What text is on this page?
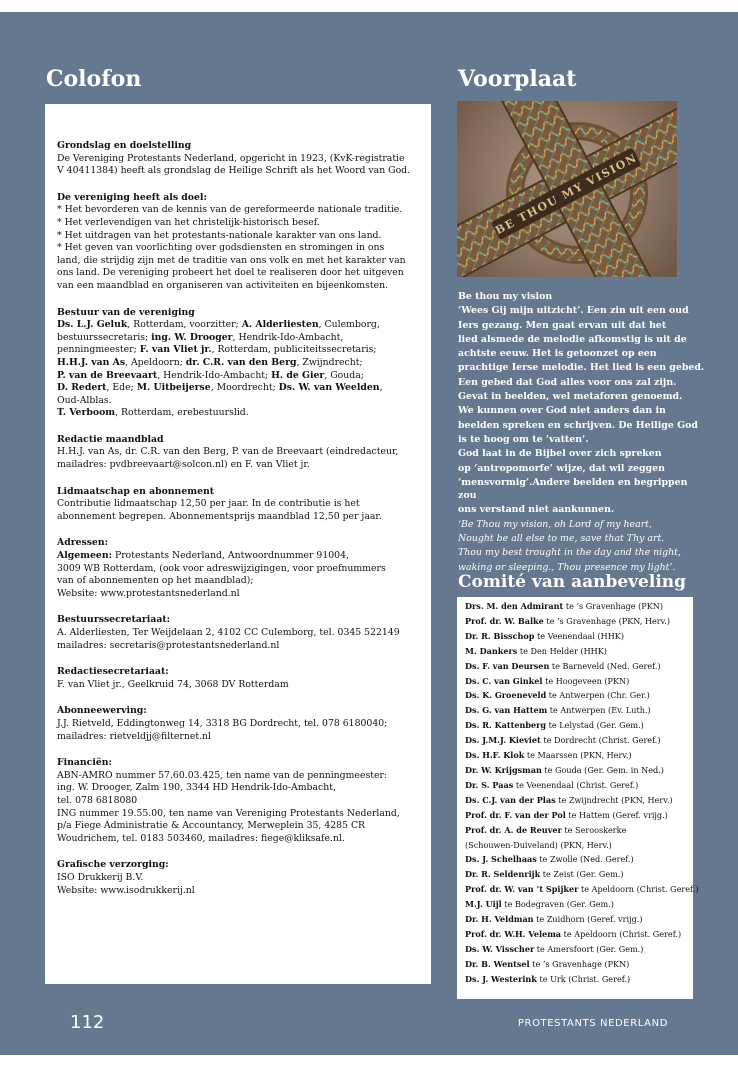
Colofon	Voorplaat
Grondslag en doelstelling
De Vereniging Protestants Nederland, opgericht in 1923, (KvK-registratie
V 40411384) heeft als grondslag de Heilige Schrift als het Woord van God.
De vereniging heeft als doel:
* Het bevorderen van de kennis van de gereformeerde nationale traditie.
* Het verlevendigen van het christelijk-historisch besef.
* Het uitdragen van het protestants-nationale karakter van ons land.
* Het geven van voorlichting over godsdiensten en stromingen in ons
land, die strijdig zijn met de traditie van ons volk en met het karakter van
ons land. De vereniging probeert het doel te realiseren door het uitgeven
van een maandblad en organiseren van activiteiten en bijeenkomsten.
Bestuur van de vereniging
Ds. L.J. Geluk, Rotterdam, voorzitter; A. Alderliesten, Culemborg,
bestuurssecretaris; ing. W. Drooger, Hendrik-Ido-Ambacht,
penningmeester; F. van Vliet jr., Rotterdam, publiciteitssecretaris;
H.H.J. van As, Apeldoorn; dr. C.R. van den Berg, Zwijndrecht;
P. van de Breevaart, Hendrik-Ido-Ambacht; H. de Gier, Gouda;
D. Redert, Ede; M. Uitbeijerse, Moordrecht; Ds. W. van Weelden,
Oud-Alblas.
T. Verboom, Rotterdam, erebestuurslid.
Redactie maandblad
H.H.J. van As, dr. C.R. van den Berg, P. van de Breevaart (eindredacteur,
mailadres: pvdbreevaart@solcon.nl) en F. van Vliet jr.
Lidmaatschap en abonnement
Contributie lidmaatschap 12,50 per jaar. In de contributie is het
abonnement begrepen. Abonnementsprijs maandblad 12,50 per jaar.
Adressen:
Algemeen: Protestants Nederland, Antwoordnummer 91004,
3009 WB Rotterdam, (ook voor adreswijzigingen, voor proefnummers
van of abonnementen op het maandblad);
Website: www.protestantsnederland.nl
Bestuurssecretariaat:
A. Alderliesten, Ter Weijdelaan 2, 4102 CC Culemborg, tel. 0345 522149
mailadres: secretaris@protestantsnederland.nl
Redactiesecretariaat:
F. van Vliet jr., Geelkruid 74, 3068 DV Rotterdam
Abonneewerving:
J.J. Rietveld, Eddingtonweg 14, 3318 BG Dordrecht, tel. 078 6180040;
mailadres: rietveldjj@filternet.nl
Financiën:
ABN-AMRO nummer 57.60.03.425, ten name van de penningmeester:
ing. W. Drooger, Zalm 190, 3344 HD Hendrik-Ido-Ambacht,
tel. 078 6818080
ING nummer 19.55.00, ten name van Vereniging Protestants Nederland,
p/a Fiege Administratie & Accountancy, Merweplein 35, 4285 CR
Woudrichem, tel. 0183 503460, mailadres: fiege@kliksafe.nl.
Grafische verzorging:
ISO Drukkerij B.V.
Website: www.isodrukkerij.nl
BE THOU MY VISION
Be thou my vision
‘Wees Gij mijn uitzicht’. Een zin uit een oud
Iers gezang. Men gaat ervan uit dat het
lied alsmede de melodie afkomstig is uit de
achtste eeuw. Het is getoonzet op een
prachtige Ierse melodie. Het lied is een gebed.
Een gebed dat God alles voor ons zal zijn.
Gevat in beelden, wel metaforen genoemd.
We kunnen over God niet anders dan in
beelden spreken en schrijven. De Heilige God
is te hoog om te ‘vatten’.
God laat in de Bijbel over zich spreken
op ‘antropomorfe’ wijze, dat wil zeggen
‘mensvormig’.Andere beelden en begrippen zou
ons verstand niet aankunnen.
‘Be Thou my vision, oh Lord of my heart,
Nought be all else to me, save that Thy art.
Thou my best trought in the day and the night,
waking or sleeping., Thou presence my light’.
Comité van aanbeveling
Drs. M. den Admirant te ’s Gravenhage (PKN)
Prof. dr. W. Balke te ’s Gravenhage (PKN, Herv.)
Dr. R. Bisschop te Veenendaal (HHK)
M. Dankers te Den Helder (HHK)
Ds. F. van Deursen te Barneveld (Ned. Geref.)
Ds. C. van Ginkel te Hoogeveen (PKN)
Ds. K. Groeneveld te Antwerpen (Chr. Ger.)
Ds. G. van Hattem te Antwerpen (Ev. Luth.)
Ds. R. Kattenberg te Lelystad (Ger. Gem.)
Ds. J.M.J. Kieviet te Dordrecht (Christ. Geref.)
Ds. H.F. Klok te Maarssen (PKN, Herv.)
Dr. W. Krijgsman te Gouda (Ger. Gem. in Ned.)
Dr. S. Paas te Veenendaal (Christ. Geref.)
Ds. C.J. van der Plas te Zwijndrecht (PKN, Herv.)
Prof. dr. F. van der Pol te Hattem (Geref. vrijg.)
Prof. dr. A. de Reuver te Serooskerke
(Schouwen-Duiveland) (PKN, Herv.)
Ds. J. Schelhaas te Zwolle (Ned. Geref.)
Dr. R. Seldenrijk te Zeist (Ger. Gem.)
Prof. dr. W. van ’t Spijker te Apeldoorn (Christ. Geref.)
M.J. Uijl te Bodegraven (Ger. Gem.)
Dr. H. Veldman te Zuidhorn (Geref. vrijg.)
Prof. dr. W.H. Velema te Apeldoorn (Christ. Geref.)
Ds. W. Visscher te Amersfoort (Ger. Gem.)
Dr. B. Wentsel te ’s Gravenhage (PKN)
Ds. J. Westerink te Urk (Christ. Geref.)
112	PROTESTANTS NEDERLAND
